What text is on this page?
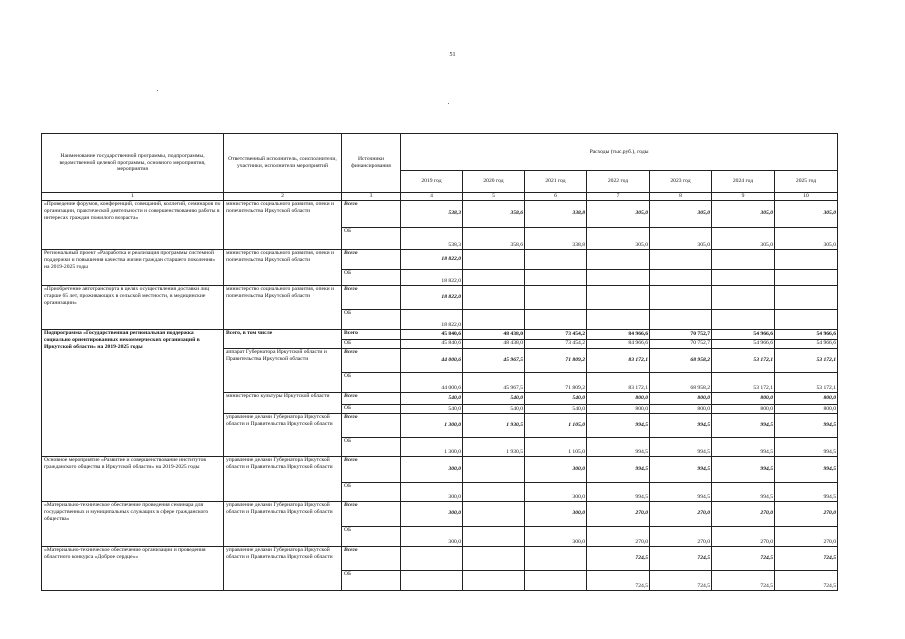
51
Наименование государственной программы, подпрограммы, ведомственной целевой программы, основного мероприятия, мероприятия	Ответственный исполнитель, соисполнители, участники, исполнители мероприятий	Источники финансирования	Расходы (тыс.руб.), годы						
			2019 год	2020 год	2021 год	2022 год	2023 год	2024 год	2025 год
1	2	3	4	5	6	7	8	9	10
«Проведение форумов, конференций, совещаний, коллегий, семинаров по организации, практической деятельности и совершенствованию работы в интересах граждан пожилого возраста»	министерство социального развития, опеки и попечительства Иркутской области	Всего	538,3	358,6	338,8	305,0	305,0	305,0	305,0
		ОБ	538,3	358,6	338,8	305,0	305,0	305,0	305,0
Региональный проект «Разработка и реализация программы системной поддержки и повышения качества жизни граждан старшего поколения» на 2019-2025 годы	министерство социального развития, опеки и попечительства Иркутской области	Всего	18 822,0						
		ОБ	18 822,0						
«Приобретение автотранспорта в целях осуществления доставки лиц старше 65 лет, проживающих в сельской местности, в медицинские организации»	министерство социального развития, опеки и попечительства Иркутской области	Всего	18 822,0						
		ОБ	18 822,0						
Подпрограмма «Государственная региональная поддержка социально ориентированных некоммерческих организаций в Иркутской области» на 2019-2025 годы	Всего, в том числе	Всего	45 840,6	48 438,0	73 454,2	84 966,6	70 752,7	54 966,6	54 966,6
		ОБ	45 840,6	48 438,0	73 454,2	84 966,6	70 752,7	54 966,6	54 966,6
	аппарат Губернатора Иркутской области и Правительства Иркутской области	Всего	44 000,6	45 967,5	71 809,2	83 172,1	68 958,2	53 172,1	53 172,1
		ОБ	44 000,6	45 967,5	71 809,2	83 172,1	68 958,2	53 172,1	53 172,1
	министерство культуры Иркутской области	Всего	540,0	540,0	540,0	800,0	800,0	800,0	800,0
		ОБ	540,0	540,0	540,0	800,0	800,0	800,0	800,0
	управление делами Губернатора Иркутской области и Правительства Иркутской области	Всего	1 300,0	1 930,5	1 105,0	994,5	994,5	994,5	994,5
		ОБ	1 300,0	1 930,5	1 105,0	994,5	994,5	994,5	994,5
Основное мероприятие «Развитие и совершенствование институтов гражданского общества в Иркутской области» на 2019-2025 годы	управление делами Губернатора Иркутской области и Правительства Иркутской области	Всего	300,0		300,0	994,5	994,5	994,5	994,5
		ОБ	300,0		300,0	994,5	994,5	994,5	994,5
«Материально-техническое обеспечение проведения семинара для государственных и муниципальных служащих в сфере гражданского общества»	управление делами Губернатора Иркутской области и Правительства Иркутской области	Всего	300,0		300,0	270,0	270,0	270,0	270,0
		ОБ	300,0		300,0	270,0	270,0	270,0	270,0
«Материально-техническое обеспечение организации и проведения областного конкурса «Доброе сердце»»	управление делами Губернатора Иркутской области и Правительства Иркутской области	Всего				724,5	724,5	724,5	724,5
		ОБ				724,5	724,5	724,5	724,5
